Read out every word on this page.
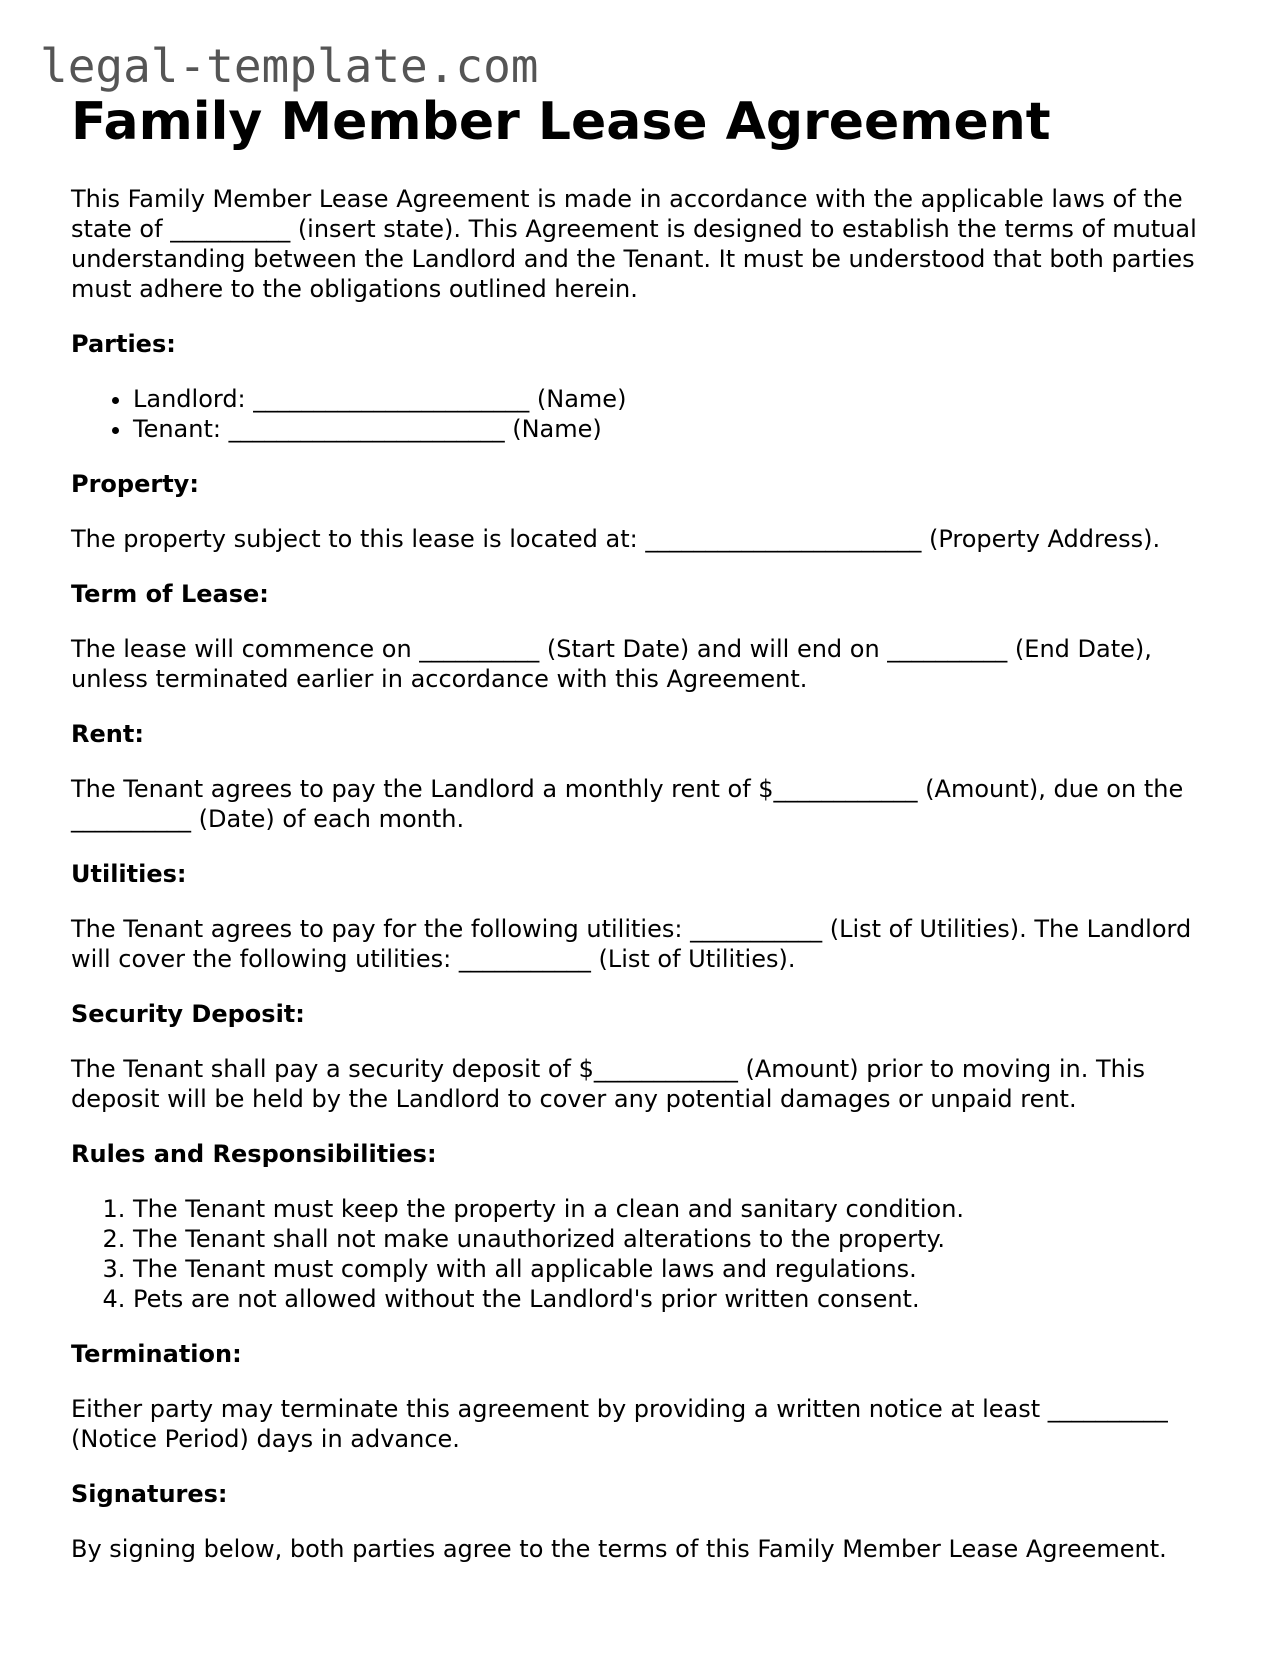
legal-template.com
Family Member Lease Agreement

This Family Member Lease Agreement is made in accordance with the applicable laws of the state of __________ (insert state). This Agreement is designed to establish the terms of mutual understanding between the Landlord and the Tenant. It must be understood that both parties must adhere to the obligations outlined herein.

Parties:
• Landlord: _______________________ (Name)
• Tenant: _______________________ (Name)
Property:

The property subject to this lease is located at: _______________________ (Property Address).

Term of Lease:

The lease will commence on __________ (Start Date) and will end on __________ (End Date), unless terminated earlier in accordance with this Agreement.

Rent:

The Tenant agrees to pay the Landlord a monthly rent of $____________ (Amount), due on the __________ (Date) of each month.

Utilities:

The Tenant agrees to pay for the following utilities: ___________ (List of Utilities). The Landlord will cover the following utilities: ___________ (List of Utilities).

Security Deposit:

The Tenant shall pay a security deposit of $____________ (Amount) prior to moving in. This deposit will be held by the Landlord to cover any potential damages or unpaid rent.

Rules and Responsibilities:
1. The Tenant must keep the property in a clean and sanitary condition.
2. The Tenant shall not make unauthorized alterations to the property.
3. The Tenant must comply with all applicable laws and regulations.
4. Pets are not allowed without the Landlord's prior written consent.
Termination:

Either party may terminate this agreement by providing a written notice at least __________ (Notice Period) days in advance.

Signatures:

By signing below, both parties agree to the terms of this Family Member Lease Agreement.
